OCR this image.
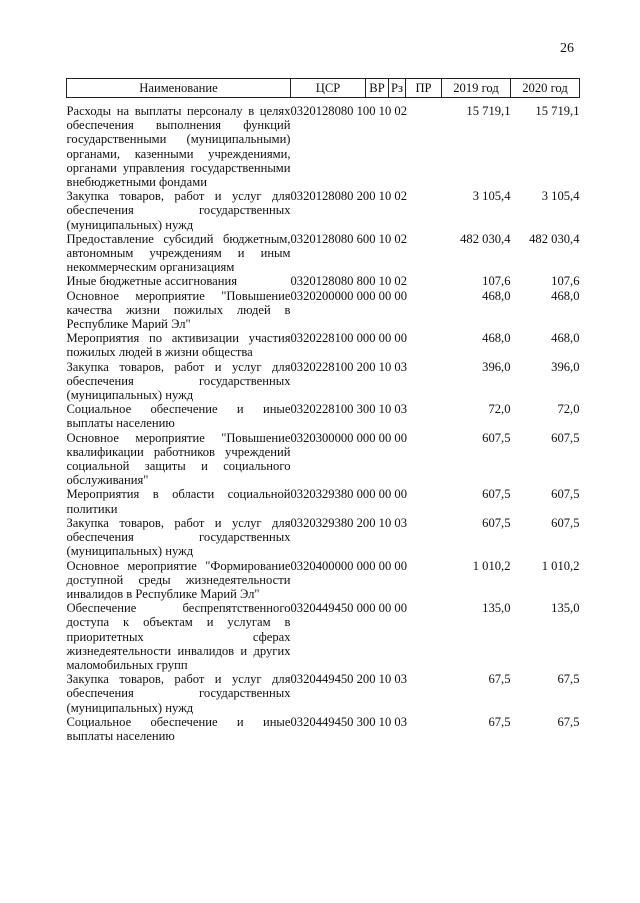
26
Наименование	ЦСР ВР Рз ПР	2019 год	2020 год
Расходы на выплаты персоналу в целях обеспечения выполнения функций государственными (муниципальными) органами, казенными учреждениями, органами управления государственными внебюджетными фондами	0320128080 100 10 02	15 719,1	15 719,1
Закупка товаров, работ и услуг для обеспечения государственных (муниципальных) нужд	0320128080 200 10 02	3 105,4	3 105,4
Предоставление субсидий бюджетным, автономным учреждениям и иным некоммерческим организациям	0320128080 600 10 02	482 030,4	482 030,4
Иные бюджетные ассигнования	0320128080 800 10 02	107,6	107,6
Основное мероприятие "Повышение качества жизни пожилых людей в Республике Марий Эл"	0320200000 000 00 00	468,0	468,0
Мероприятия по активизации участия пожилых людей в жизни общества	0320228100 000 00 00	468,0	468,0
Закупка товаров, работ и услуг для обеспечения государственных (муниципальных) нужд	0320228100 200 10 03	396,0	396,0
Социальное обеспечение и иные выплаты населению	0320228100 300 10 03	72,0	72,0
Основное мероприятие "Повышение квалификации работников учреждений социальной защиты и социального обслуживания"	0320300000 000 00 00	607,5	607,5
Мероприятия в области социальной политики	0320329380 000 00 00	607,5	607,5
Закупка товаров, работ и услуг для обеспечения государственных (муниципальных) нужд	0320329380 200 10 03	607,5	607,5
Основное мероприятие "Формирование доступной среды жизнедеятельности инвалидов в Республике Марий Эл"	0320400000 000 00 00	1 010,2	1 010,2
Обеспечение беспрепятственного доступа к объектам и услугам в приоритетных сферах жизнедеятельности инвалидов и других маломобильных групп	0320449450 000 00 00	135,0	135,0
Закупка товаров, работ и услуг для обеспечения государственных (муниципальных) нужд	0320449450 200 10 03	67,5	67,5
Социальное обеспечение и иные выплаты населению	0320449450 300 10 03	67,5	67,5
